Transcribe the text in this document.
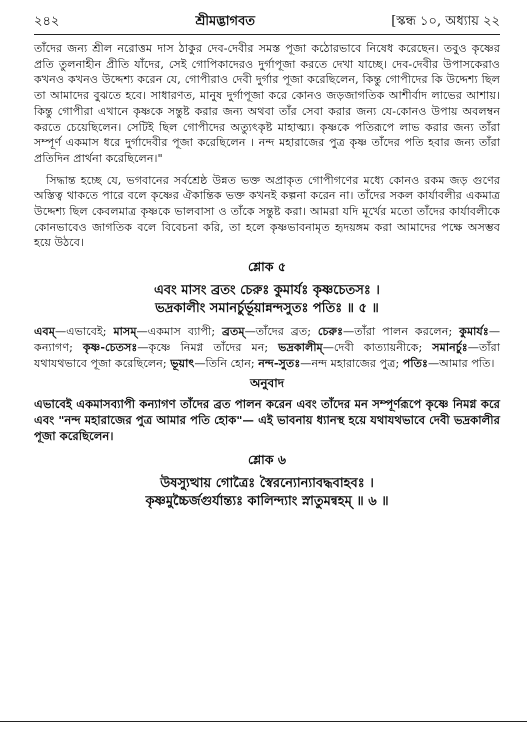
২৪২	শ্রীমদ্ভাগবত	[স্কন্ধ ১০, অধ্যায় ২২

তাঁদের জন্য শ্রীল নরোত্তম দাস ঠাকুর দেব-দেবীর সমস্ত পূজা কঠোরভাবে নিষেধ করেছেন। তবুও কৃষ্ণের প্রতি তুলনাহীন প্রীতি যাঁদের, সেই গোপিকাদেরও দুর্গাপূজা করতে দেখা যাচ্ছে। দেব-দেবীর উপাসকেরাও কখনও কখনও উদ্দেশ্য করেন যে, গোপীরাও দেবী দুর্গার পূজা করেছিলেন, কিন্তু গোপীদের কি উদ্দেশ্য ছিল তা আমাদের বুঝতে হবে। সাধারণত, মানুষ দুর্গাপূজা করে কোনও জড়জাগতিক আশীর্বাদ লাভের আশায়। কিন্তু গোপীরা এখানে কৃষ্ণকে সন্তুষ্ট করার জন্য অথবা তাঁর সেবা করার জন্য যে-কোনও উপায় অবলম্বন করতে চেয়েছিলেন। সেটিই ছিল গোপীদের অত্যুৎকৃষ্ট মাহাত্ম্য। কৃষ্ণকে পতিরূপে লাভ করার জন্য তাঁরা সম্পূর্ণ একমাস ধরে দুর্গাদেবীর পূজা করেছিলেন । নন্দ মহারাজের পুত্র কৃষ্ণ তাঁদের পতি হবার জন্য তাঁরা প্রতিদিন প্রার্থনা করেছিলেন।"

সিদ্ধান্ত হচ্ছে যে, ভগবানের সর্বশ্রেষ্ঠ উন্নত ভক্ত অপ্রাকৃত গোপীগণের মধ্যে কোনও রকম জড় গুণের অস্তিত্ব থাকতে পারে বলে কৃষ্ণের ঐকান্তিক ভক্ত কখনই কল্পনা করেন না। তাঁদের সকল কার্যাবলীর একমাত্র উদ্দেশ্য ছিল কেবলমাত্র কৃষ্ণকে ভালবাসা ও তাঁকে সন্তুষ্ট করা। আমরা যদি মূর্খের মতো তাঁদের কার্যাবলীকে কোনভাবেও জাগতিক বলে বিবেচনা করি, তা হলে কৃষ্ণভাবনামৃত হৃদয়ঙ্গম করা আমাদের পক্ষে অসম্ভব হয়ে উঠবে।

শ্লোক ৫
এবং মাসং ব্রতং চেরুঃ কুমার্যঃ কৃষ্ণচেতসঃ ।
ভদ্রকালীং সমানর্চুর্ভূয়ান্নন্দসুতঃ পতিঃ ॥ ৫ ॥
এবম্—এভাবেই; মাসম্—একমাস ব্যাপী; ব্রতম্—তাঁদের ব্রত; চেরুঃ—তাঁরা পালন করলেন; কুমার্যঃ—কন্যাগণ; কৃষ্ণ-চেতসঃ—কৃষ্ণে নিমগ্ন তাঁদের মন; ভদ্রকালীম্—দেবী কাত্যায়নীকে; সমানর্চুঃ—তাঁরা যথাযথভাবে পূজা করেছিলেন; ভূয়াৎ—তিনি হোন; নন্দ-সুতঃ—নন্দ মহারাজের পুত্র; পতিঃ—আমার পতি।
অনুবাদ
এভাবেই একমাসব্যাপী কন্যাগণ তাঁদের ব্রত পালন করেন এবং তাঁদের মন সম্পূর্ণরূপে কৃষ্ণে নিমগ্ন করে এবং "নন্দ মহারাজের পুত্র আমার পতি হোক"— এই ভাবনায় ধ্যানস্থ হয়ে যথাযথভাবে দেবী ভদ্রকালীর পূজা করেছিলেন।
শ্লোক ৬
উষস্যুত্থায় গোত্রৈঃ স্বৈরন্যোন্যাবদ্ধবাহবঃ ।
কৃষ্ণমুচ্চৈর্জগুর্যান্ত্যঃ কালিন্দ্যাং স্নাতুমন্বহম্ ॥ ৬ ॥
